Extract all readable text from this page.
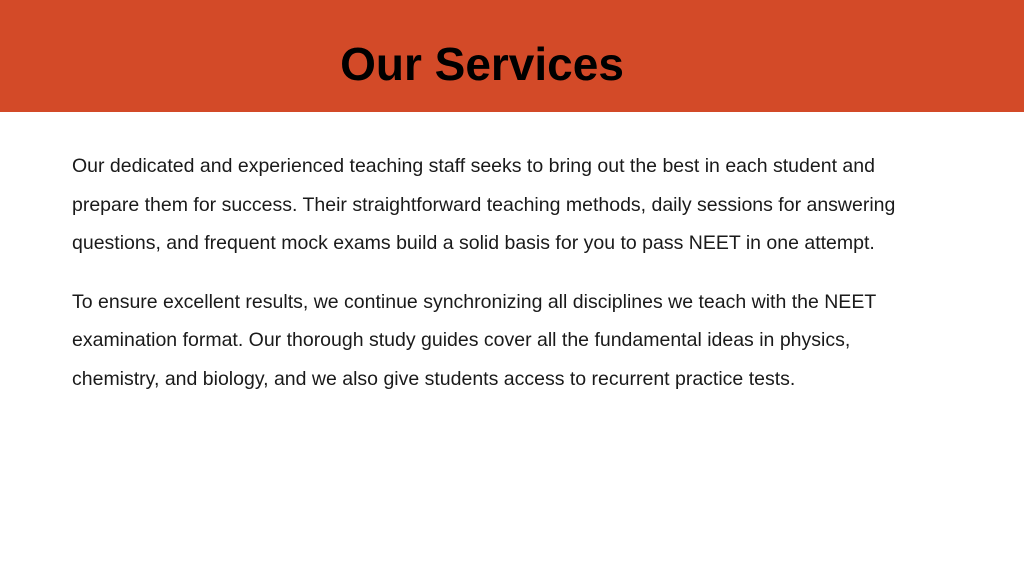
Our Services

Our dedicated and experienced teaching staff seeks to bring out the best in each student and prepare them for success. Their straightforward teaching methods, daily sessions for answering questions, and frequent mock exams build a solid basis for you to pass NEET in one attempt.

To ensure excellent results, we continue synchronizing all disciplines we teach with the NEET examination format. Our thorough study guides cover all the fundamental ideas in physics, chemistry, and biology, and we also give students access to recurrent practice tests.
